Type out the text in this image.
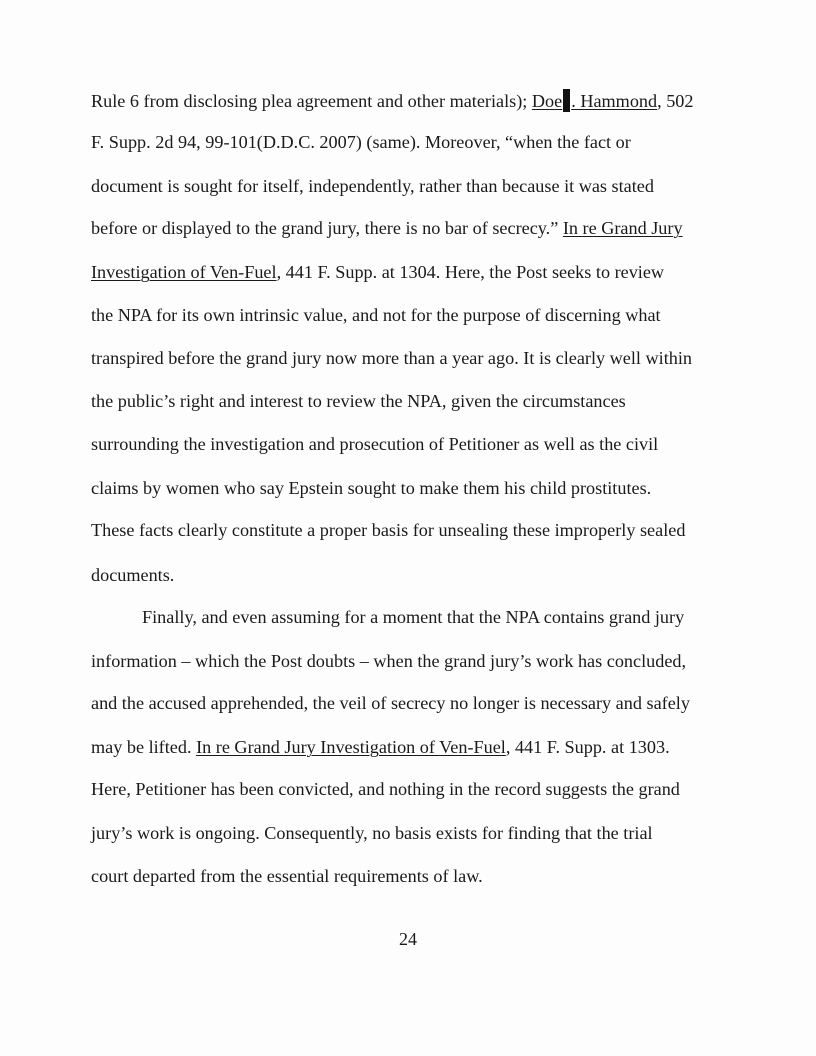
Rule 6 from disclosing plea agreement and other materials); Doe . Hammond, 502
F. Supp. 2d 94, 99-101(D.D.C. 2007) (same). Moreover, “when the fact or
document is sought for itself, independently, rather than because it was stated
before or displayed to the grand jury, there is no bar of secrecy.” In re Grand Jury
Investigation of Ven-Fuel, 441 F. Supp. at 1304. Here, the Post seeks to review
the NPA for its own intrinsic value, and not for the purpose of discerning what
transpired before the grand jury now more than a year ago. It is clearly well within
the public’s right and interest to review the NPA, given the circumstances
surrounding the investigation and prosecution of Petitioner as well as the civil
claims by women who say Epstein sought to make them his child prostitutes.
These facts clearly constitute a proper basis for unsealing these improperly sealed
documents.
Finally, and even assuming for a moment that the NPA contains grand jury
information – which the Post doubts – when the grand jury’s work has concluded,
and the accused apprehended, the veil of secrecy no longer is necessary and safely
may be lifted. In re Grand Jury Investigation of Ven-Fuel, 441 F. Supp. at 1303.
Here, Petitioner has been convicted, and nothing in the record suggests the grand
jury’s work is ongoing. Consequently, no basis exists for finding that the trial
court departed from the essential requirements of law.
24
